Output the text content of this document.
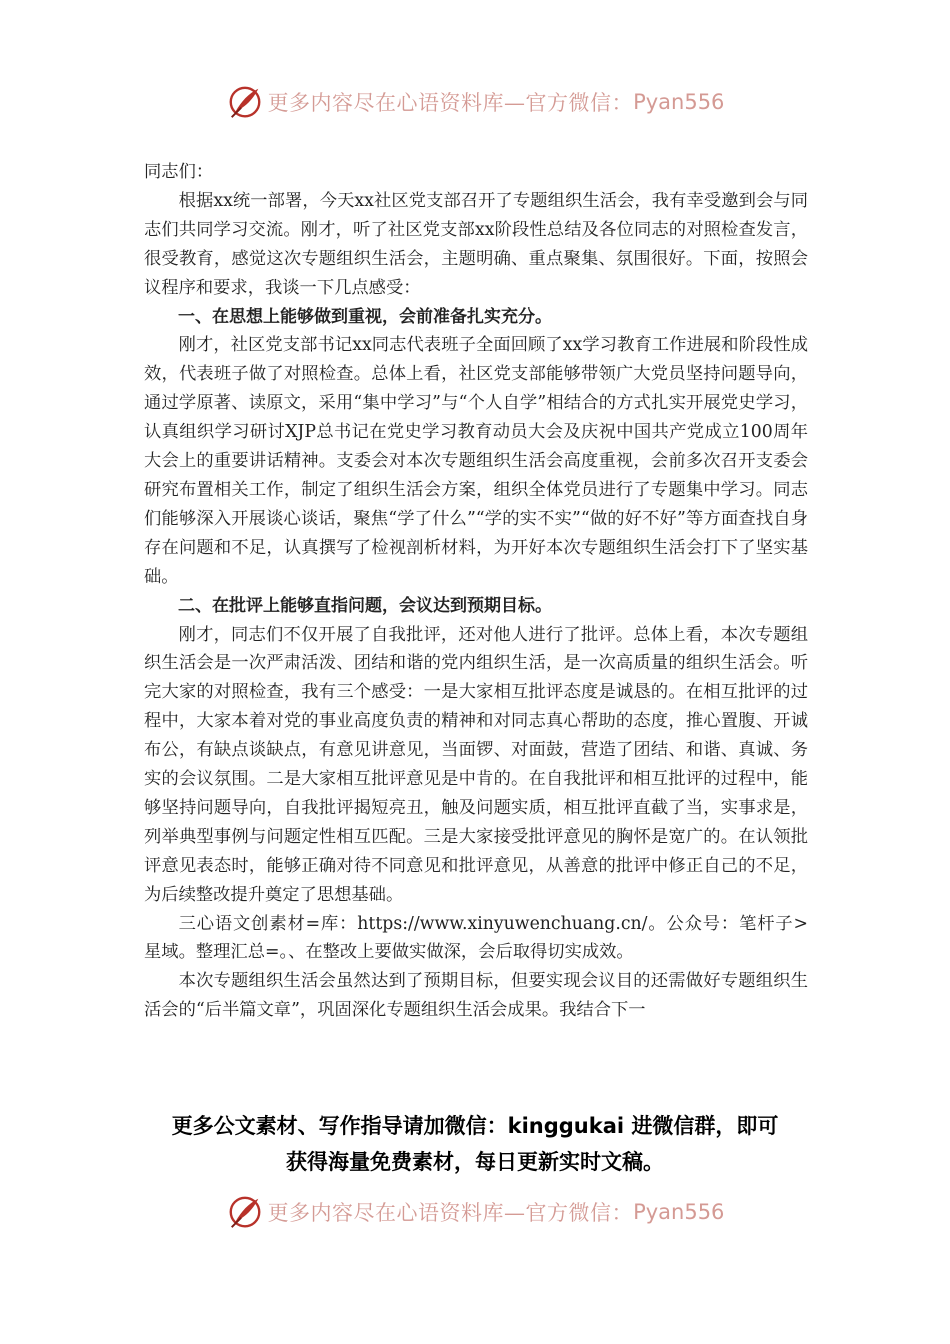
更多内容尽在心语资料库—官方微信： Pyan556

同志们：

根据xx统一部署，今天xx社区党支部召开了专题组织生活会，我有幸受邀到会与同志们共同学习交流。刚才，听了社区党支部xx阶段性总结及各位同志的对照检查发言，很受教育，感觉这次专题组织生活会，主题明确、重点聚集、氛围很好。下面，按照会议程序和要求，我谈一下几点感受：

一、在思想上能够做到重视，会前准备扎实充分。

刚才，社区党支部书记xx同志代表班子全面回顾了xx学习教育工作进展和阶段性成效，代表班子做了对照检查。总体上看，社区党支部能够带领广大党员坚持问题导向，通过学原著、读原文，采用“集中学习”与“个人自学”相结合的方式扎实开展党史学习，认真组织学习研讨XJP总书记在党史学习教育动员大会及庆祝中国共产党成立100周年大会上的重要讲话精神。支委会对本次专题组织生活会高度重视，会前多次召开支委会研究布置相关工作，制定了组织生活会方案，组织全体党员进行了专题集中学习。同志们能够深入开展谈心谈话，聚焦“学了什么”“学的实不实”“做的好不好”等方面查找自身存在问题和不足，认真撰写了检视剖析材料，为开好本次专题组织生活会打下了坚实基础。

二、在批评上能够直指问题，会议达到预期目标。

刚才，同志们不仅开展了自我批评，还对他人进行了批评。总体上看，本次专题组织生活会是一次严肃活泼、团结和谐的党内组织生活，是一次高质量的组织生活会。听完大家的对照检查，我有三个感受：一是大家相互批评态度是诚恳的。在相互批评的过程中，大家本着对党的事业高度负责的精神和对同志真心帮助的态度，推心置腹、开诚布公，有缺点谈缺点，有意见讲意见，当面锣、对面鼓，营造了团结、和谐、真诚、务实的会议氛围。二是大家相互批评意见是中肯的。在自我批评和相互批评的过程中，能够坚持问题导向，自我批评揭短亮丑，触及问题实质，相互批评直截了当，实事求是，列举典型事例与问题定性相互匹配。三是大家接受批评意见的胸怀是宽广的。在认领批评意见表态时，能够正确对待不同意见和批评意见，从善意的批评中修正自己的不足，为后续整改提升奠定了思想基础。

三心语文创素材=库：https://www.xinyuwenchuang.cn/。公众号：笔杆子>星域。整理汇总=。、在整改上要做实做深，会后取得切实成效。

本次专题组织生活会虽然达到了预期目标，但要实现会议目的还需做好专题组织生活会的“后半篇文章”，巩固深化专题组织生活会成果。我结合下一

更多公文素材、写作指导请加微信：kinggukai 进微信群，即可
获得海量免费素材，每日更新实时文稿。
更多内容尽在心语资料库—官方微信： Pyan556
